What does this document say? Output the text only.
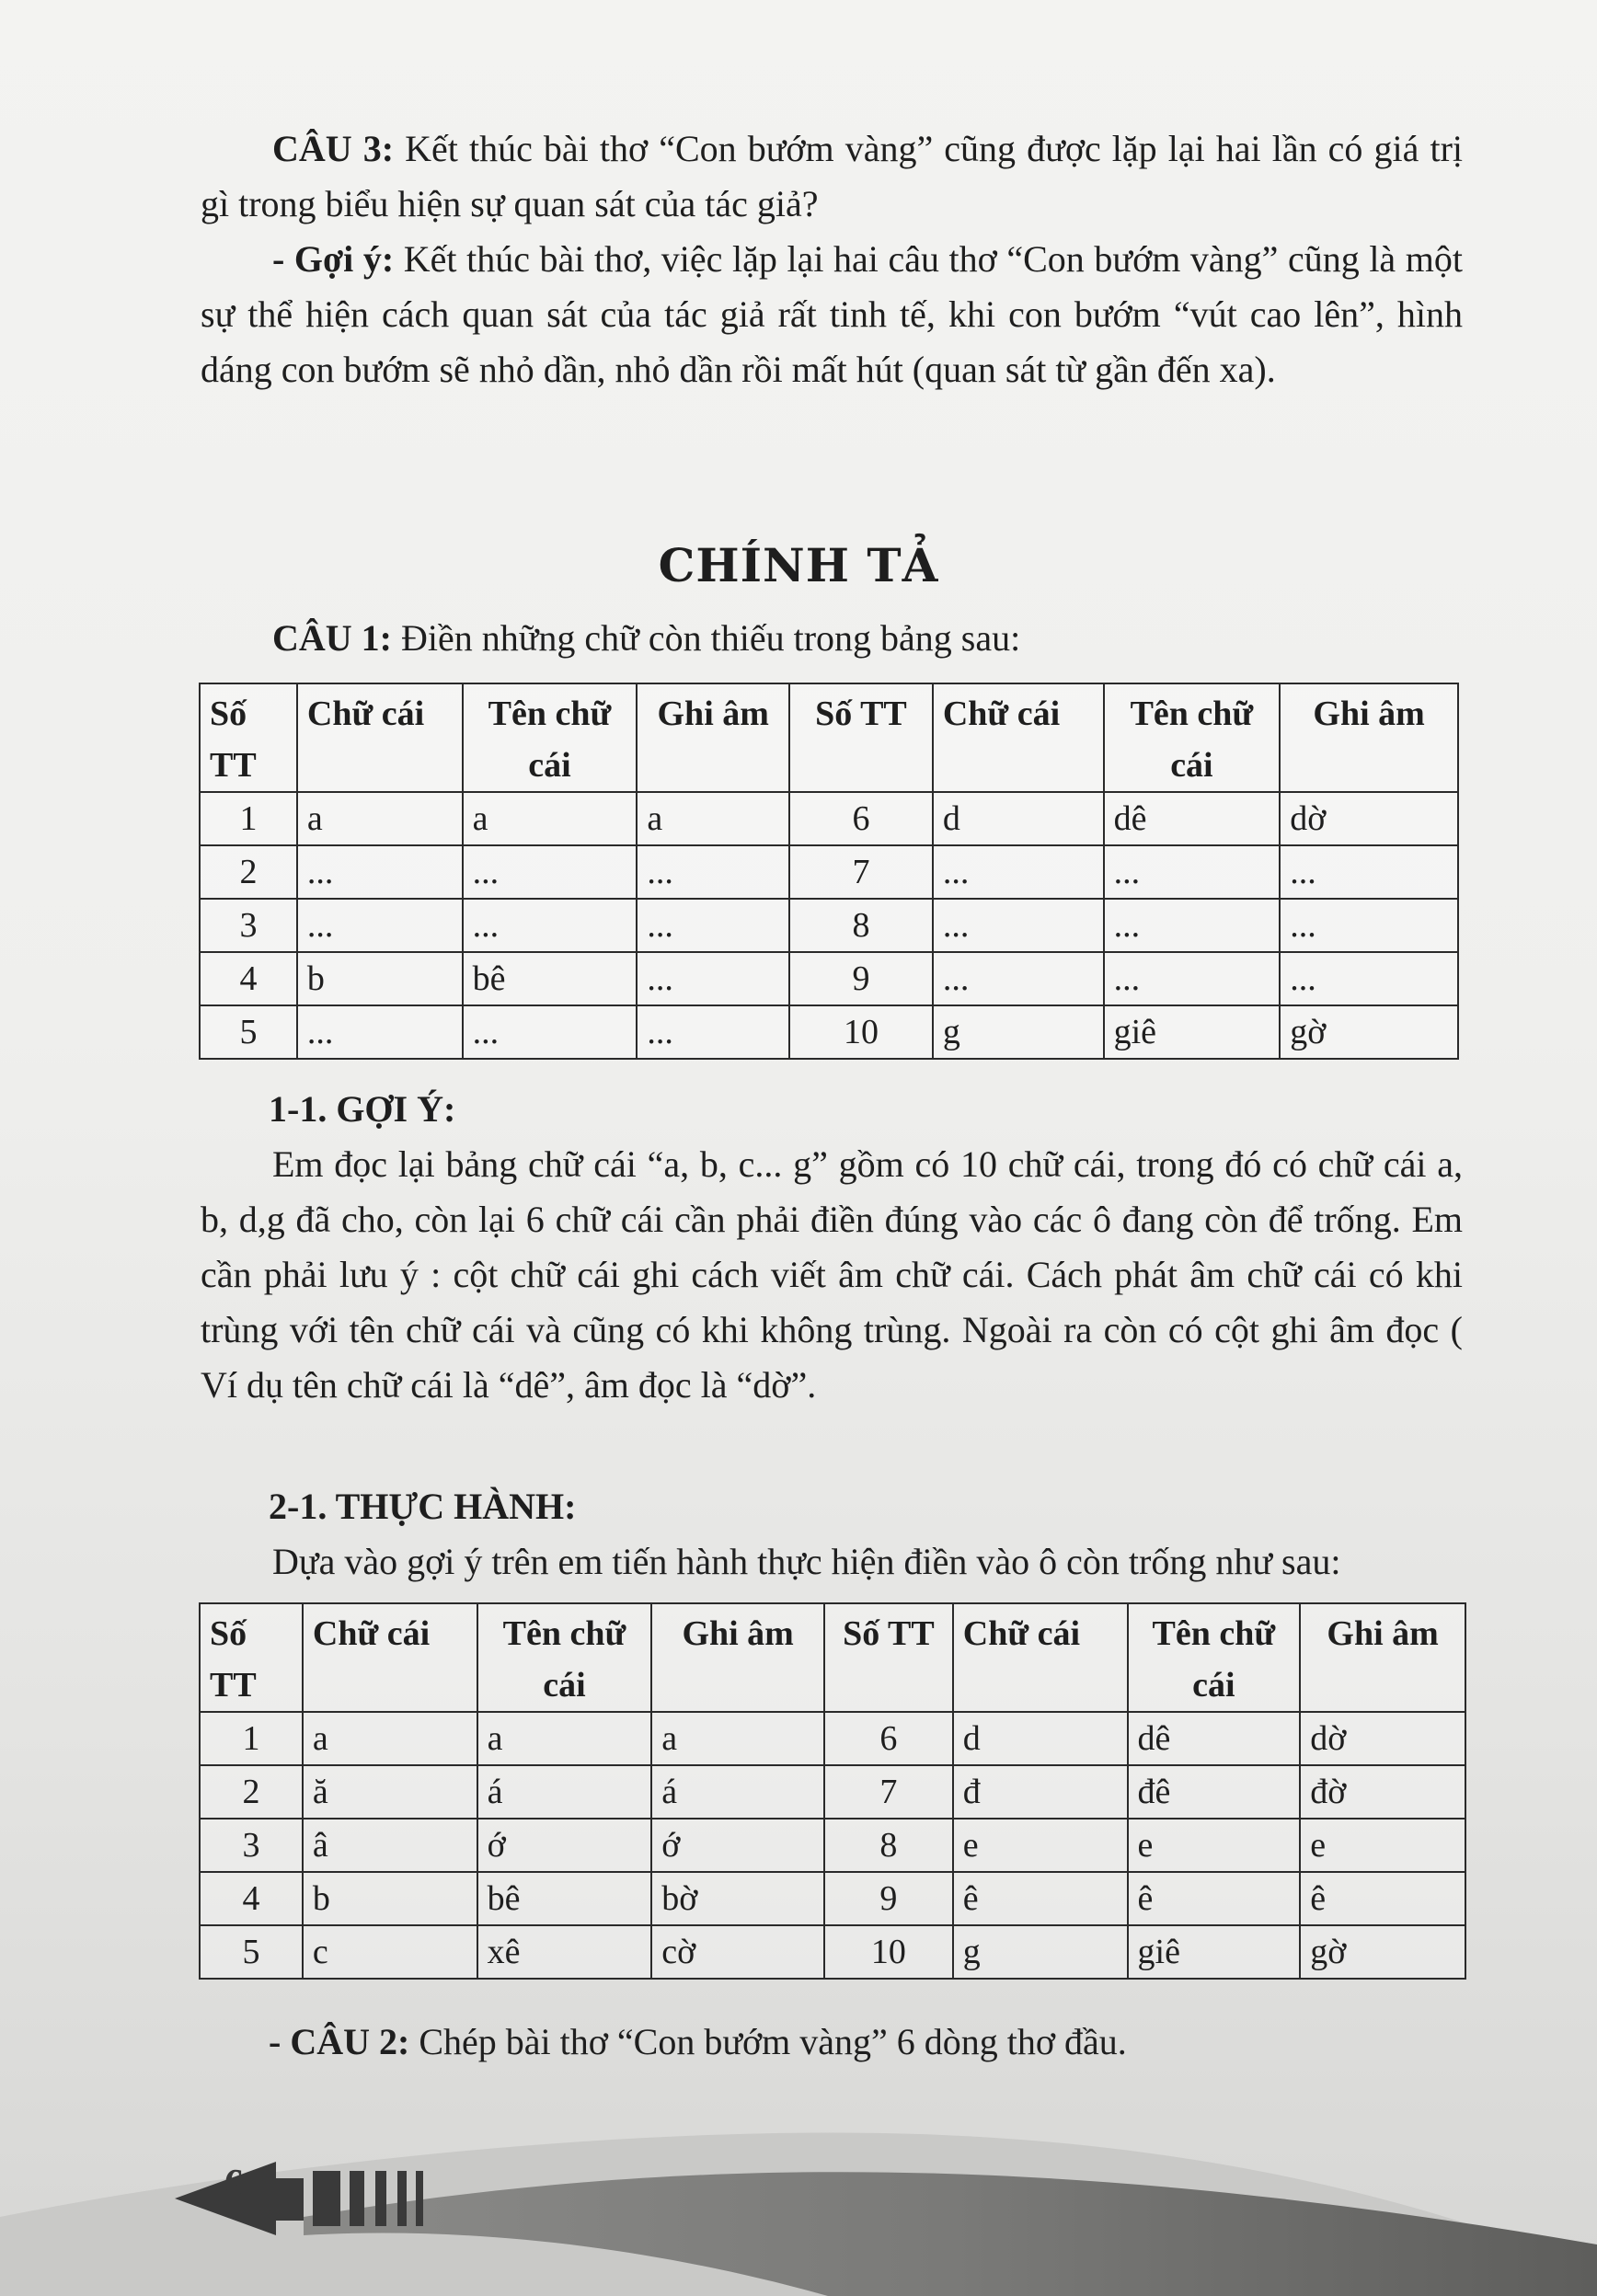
CÂU 3: Kết thúc bài thơ “Con bướm vàng” cũng được lặp lại hai lần có giá trị gì trong biểu hiện sự quan sát của tác giả?

- Gợi ý: Kết thúc bài thơ, việc lặp lại hai câu thơ “Con bướm vàng” cũng là một sự thể hiện cách quan sát của tác giả rất tinh tế, khi con bướm “vút cao lên”, hình dáng con bướm sẽ nhỏ dần, nhỏ dần rồi mất hút (quan sát từ gần đến xa).

CHÍNH TẢ

CÂU 1: Điền những chữ còn thiếu trong bảng sau:

Số TT	Chữ cái	Tên chữ cái	Ghi âm	Số TT	Chữ cái	Tên chữ cái	Ghi âm
1	a	a	a	6	d	dê	dờ
2	...	...	...	7	...	...	...
3	...	...	...	8	...	...	...
4	b	bê	...	9	...	...	...
5	...	...	...	10	g	giê	gờ
1-1. GỢI Ý:

Em đọc lại bảng chữ cái “a, b, c... g” gồm có 10 chữ cái, trong đó có chữ cái a, b, d,g đã cho, còn lại 6 chữ cái cần phải điền đúng vào các ô đang còn để trống. Em cần phải lưu ý : cột chữ cái ghi cách viết âm chữ cái. Cách phát âm chữ cái có khi trùng với tên chữ cái và cũng có khi không trùng. Ngoài ra còn có cột ghi âm đọc ( Ví dụ tên chữ cái là “dê”, âm đọc là “dờ”.

2-1. THỰC HÀNH:

Dựa vào gợi ý trên em tiến hành thực hiện điền vào ô còn trống như sau:

Số TT	Chữ cái	Tên chữ cái	Ghi âm	Số TT	Chữ cái	Tên chữ cái	Ghi âm
1	a	a	a	6	d	dê	dờ
2	ă	á	á	7	đ	đê	đờ
3	â	ớ	ớ	8	e	e	e
4	b	bê	bờ	9	ê	ê	ê
5	c	xê	cờ	10	g	giê	gờ

- CÂU 2: Chép bài thơ “Con bướm vàng” 6 dòng thơ đầu.

6
